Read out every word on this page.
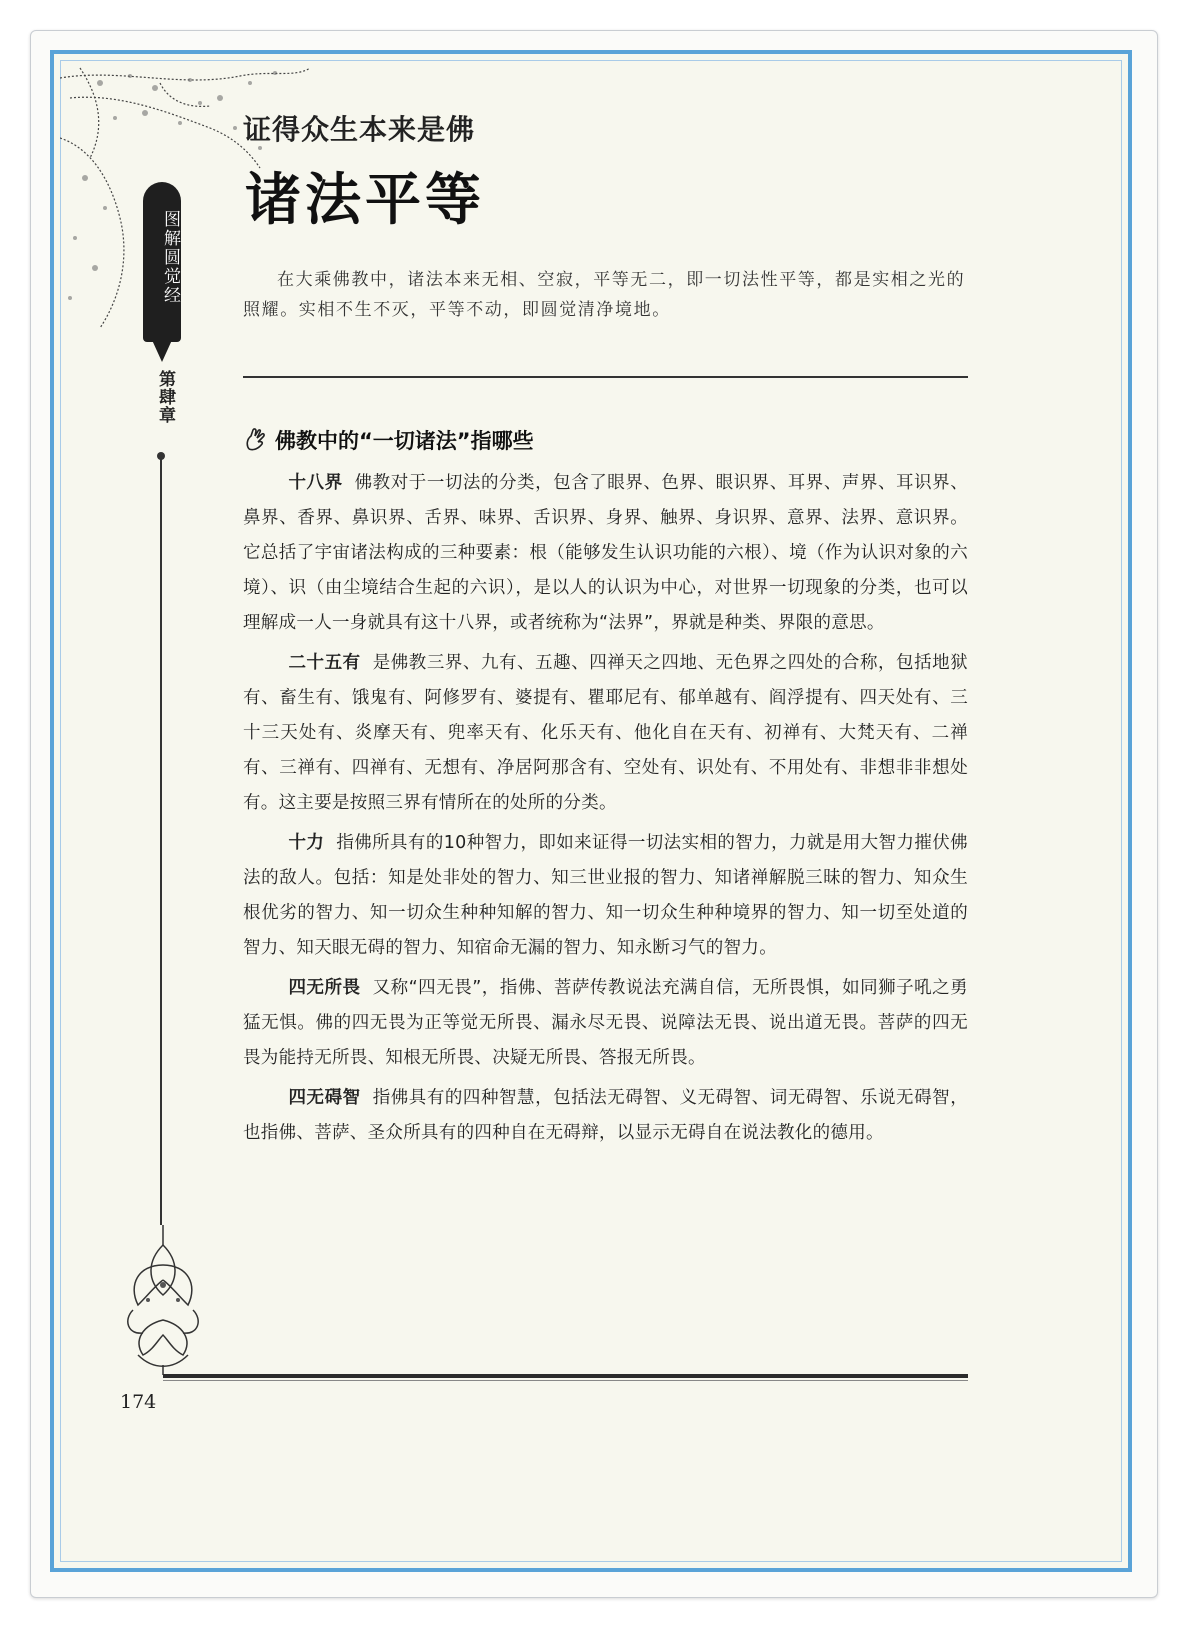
图解圆觉经
第肆章
证得众生本来是佛
诸法平等
在大乘佛教中，诸法本来无相、空寂，平等无二，即一切法性平等，都是实相之光的照耀。实相不生不灭，平等不动，即圆觉清净境地。
佛教中的“一切诸法”指哪些

十八界 佛教对于一切法的分类，包含了眼界、色界、眼识界、耳界、声界、耳识界、鼻界、香界、鼻识界、舌界、味界、舌识界、身界、触界、身识界、意界、法界、意识界。它总括了宇宙诸法构成的三种要素：根（能够发生认识功能的六根）、境（作为认识对象的六境）、识（由尘境结合生起的六识），是以人的认识为中心，对世界一切现象的分类，也可以理解成一人一身就具有这十八界，或者统称为“法界”，界就是种类、界限的意思。

二十五有 是佛教三界、九有、五趣、四禅天之四地、无色界之四处的合称，包括地狱有、畜生有、饿鬼有、阿修罗有、婆提有、瞿耶尼有、郁单越有、阎浮提有、四天处有、三十三天处有、炎摩天有、兜率天有、化乐天有、他化自在天有、初禅有、大梵天有、二禅有、三禅有、四禅有、无想有、净居阿那含有、空处有、识处有、不用处有、非想非非想处有。这主要是按照三界有情所在的处所的分类。

十力 指佛所具有的10种智力，即如来证得一切法实相的智力，力就是用大智力摧伏佛法的敌人。包括：知是处非处的智力、知三世业报的智力、知诸禅解脱三昧的智力、知众生根优劣的智力、知一切众生种种知解的智力、知一切众生种种境界的智力、知一切至处道的智力、知天眼无碍的智力、知宿命无漏的智力、知永断习气的智力。

四无所畏 又称“四无畏”，指佛、菩萨传教说法充满自信，无所畏惧，如同狮子吼之勇猛无惧。佛的四无畏为正等觉无所畏、漏永尽无畏、说障法无畏、说出道无畏。菩萨的四无畏为能持无所畏、知根无所畏、决疑无所畏、答报无所畏。

四无碍智 指佛具有的四种智慧，包括法无碍智、义无碍智、词无碍智、乐说无碍智，也指佛、菩萨、圣众所具有的四种自在无碍辩，以显示无碍自在说法教化的德用。

174
